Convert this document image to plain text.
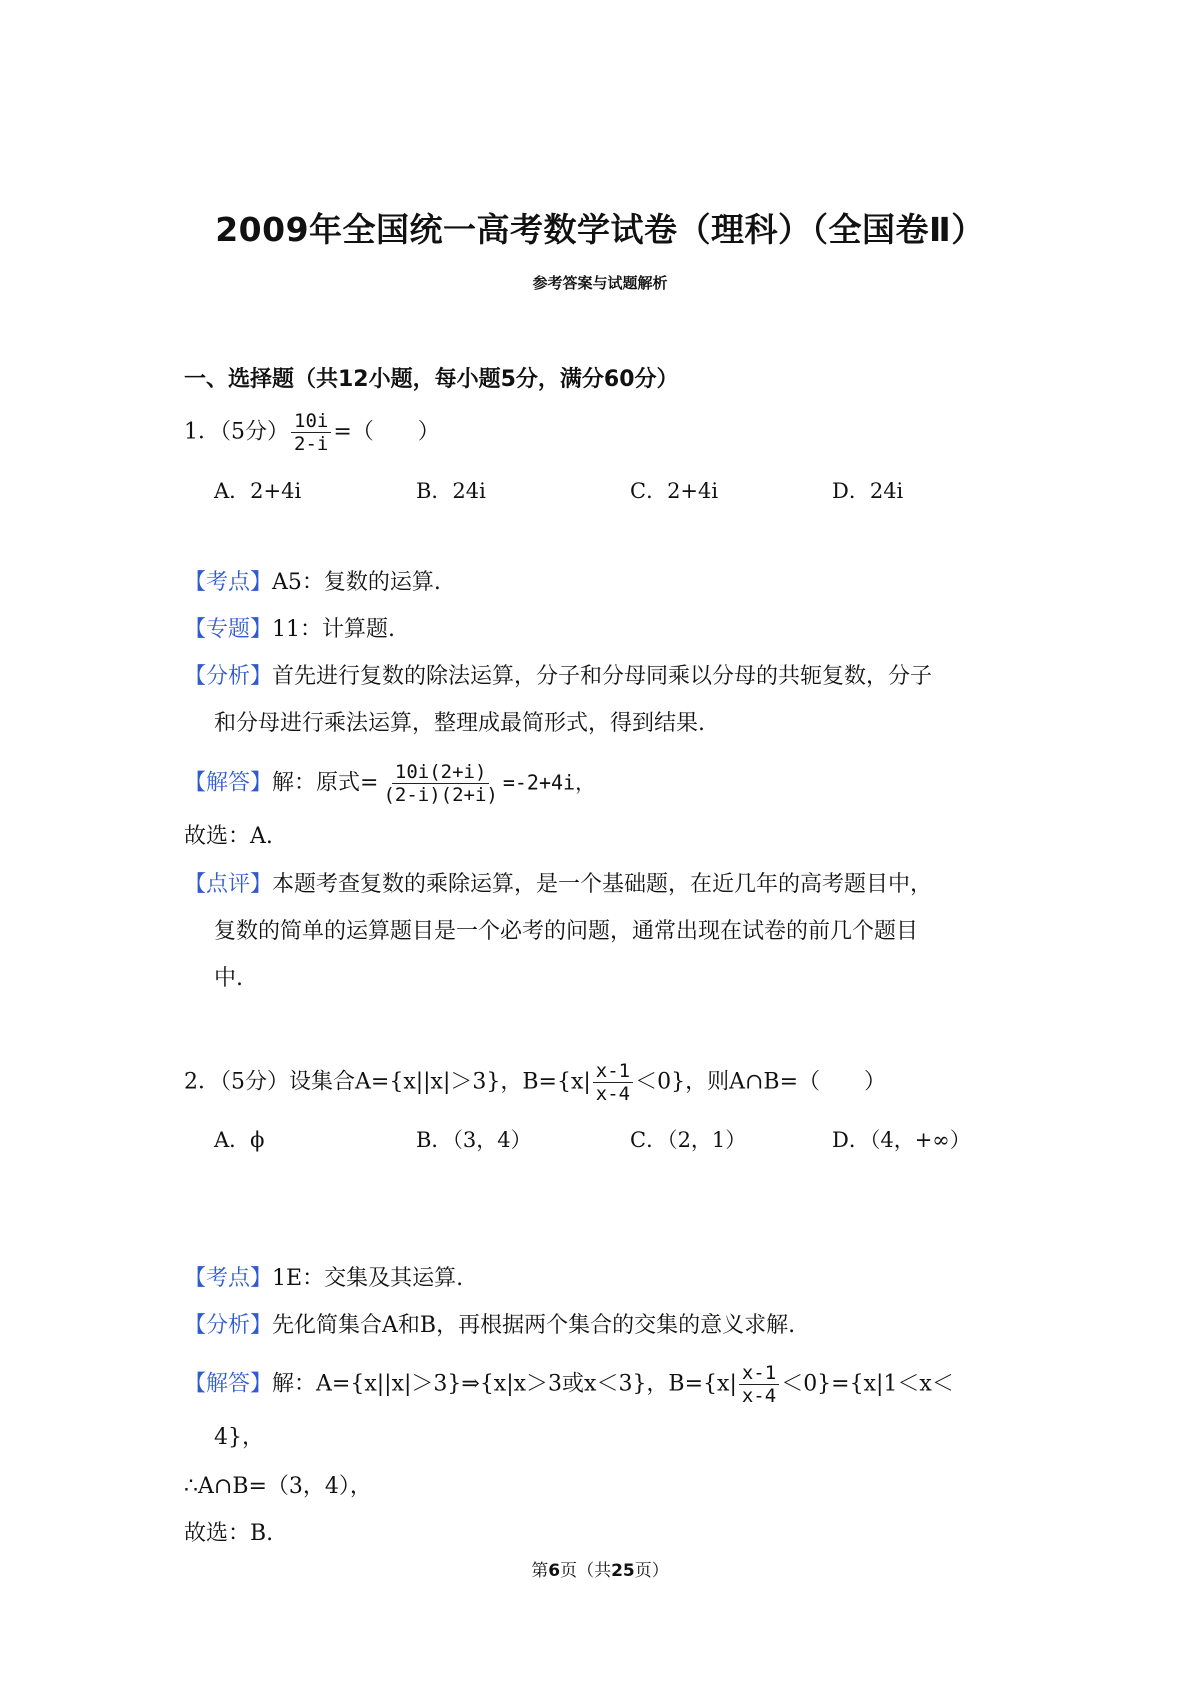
2009年全国统一高考数学试卷（理科）（全国卷Ⅱ）
参考答案与试题解析
一、选择题（共12小题，每小题5分，满分60分）
1．（5分） $\frac{10i}{2-i}$ =（　　）
A．﻿2+4i	B．﻿2﻿4i	C．2+4i	D．2﻿4i
【考点】A5：复数的运算.
【专题】11：计算题.
【分析】首先进行复数的除法运算，分子和分母同乘以分母的共轭复数，分子
和分母进行乘法运算，整理成最简形式，得到结果.
【解答】解：原式= $\frac{10i(2+i)}{(2-i)(2+i)} =-2+4i$，
故选：A.
【点评】本题考查复数的乘除运算，是一个基础题，在近几年的高考题目中，
复数的简单的运算题目是一个必考的问题，通常出现在试卷的前几个题目
中.
2．（5分）设集合A={x||x|＞3}，$B=\{x| \frac{x-1}{x-4} <0\}$，则A∩B=（　　）
A．ϕ	B．（3，4）	C．（﻿2，1）	D．（4，+∞）
【考点】1E：交集及其运算.
【分析】先化简集合A和B，再根据两个集合的交集的意义求解.
【解答】解：A={x||x|＞3}⇒{x|x＞3或x＜﻿3}，$B=\{x| \frac{x-1}{x-4} <0\}=\{x|1<x<$
4}，
∴A∩B=（3，4），
故选：B.
第6页（共25页）
